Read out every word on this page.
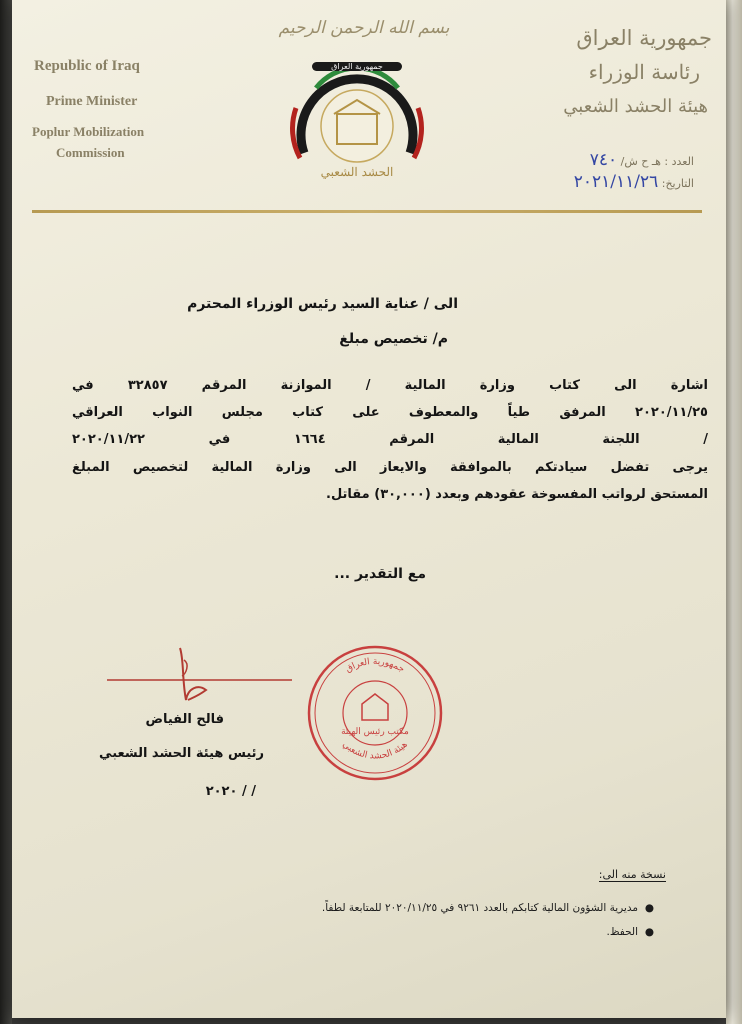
Republic of Iraq
Prime Minister
Poplur Mobilization
Commission
بسم الله الرحمن الرحيم
الحشد الشعبي
جمهورية العراق
جمهورية العراق
رئاسة الوزراء
هيئة الحشد الشعبي
العدد : هـ ح ش/ ٧٤٠
التاريخ: ٢٠٢١/١١/٢٦
الى / عناية السيد رئيس الوزراء المحترم
م/ تخصيص مبلغ
اشارة الى كتاب وزارة المالية / الموازنة المرقم ٣٢٨٥٧ في
٢٠٢٠/١١/٢٥ المرفق طياً والمعطوف على كتاب مجلس النواب العراقي
/ اللجنة المالية المرقم ١٦٦٤ في ٢٠٢٠/١١/٢٢
يرجى تفضل سيادتكم بالموافقة والايعاز الى وزارة المالية لتخصيص المبلغ
المستحق لرواتب المفسوخة عقودهم وبعدد (٣٠,٠٠٠) مقاتل.
مع التقدير ...
فالح الفياض
رئيس هيئة الحشد الشعبي
/ / ٢٠٢٠
جمهورية العراق
هيئة الحشد الشعبي
مكتب رئيس الهيئة
نسخة منه الى:
●
مديرية الشؤون المالية كتابكم بالعدد ٩٢٦١ في ٢٠٢٠/١١/٢٥ للمتابعة لطفاً.
●
الحفظ.
